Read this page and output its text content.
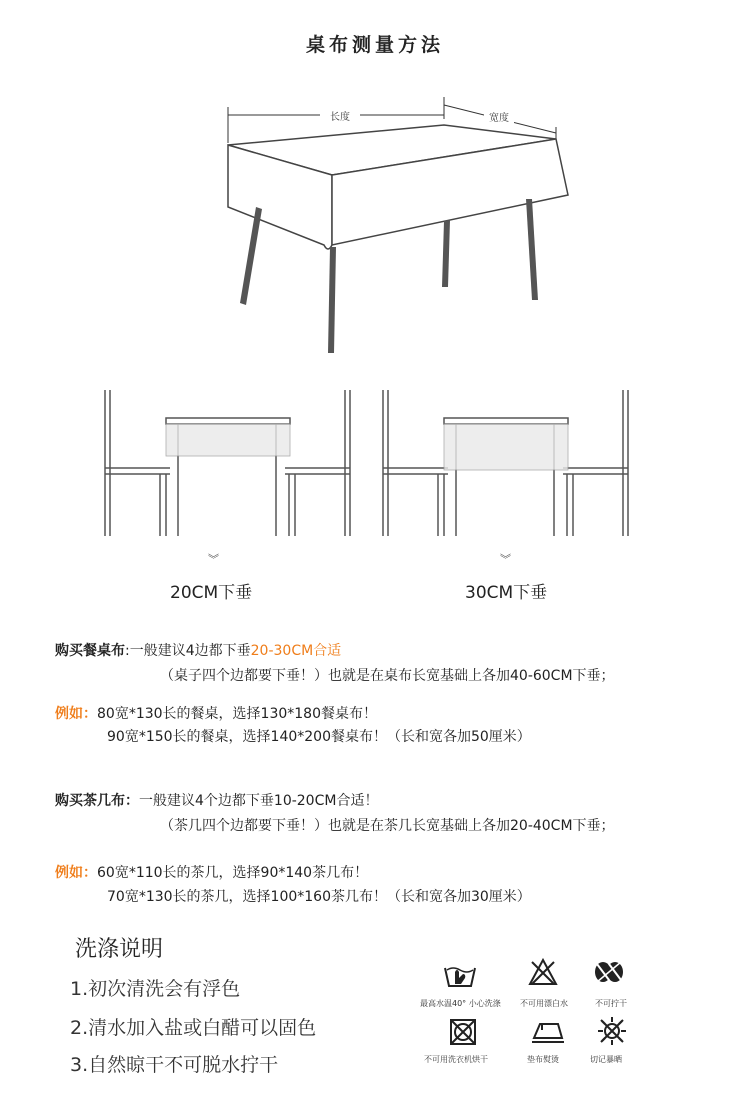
桌布测量方法
长度	宽度
︾
20CM下垂
︾
30CM下垂
购买餐桌布:一般建议4边都下垂20-30CM合适
（桌子四个边都要下垂！）也就是在桌布长宽基础上各加40-60CM下垂；
例如：80宽*130长的餐桌，选择130*180餐桌布！
90宽*150长的餐桌，选择140*200餐桌布！（长和宽各加50厘米）
购买茶几布：一般建议4个边都下垂10-20CM合适！
（茶几四个边都要下垂！）也就是在茶几长宽基础上各加20-40CM下垂；
例如：60宽*110长的茶几，选择90*140茶几布！
70宽*130长的茶几，选择100*160茶几布！（长和宽各加30厘米）
洗涤说明
1.初次清洗会有浮色
2.清水加入盐或白醋可以固色
3.自然晾干不可脱水拧干
最高水温40° 小心洗涤 不可用漂白水	不可拧干
不可用洗衣机烘干	垫布熨烫	切记暴晒
